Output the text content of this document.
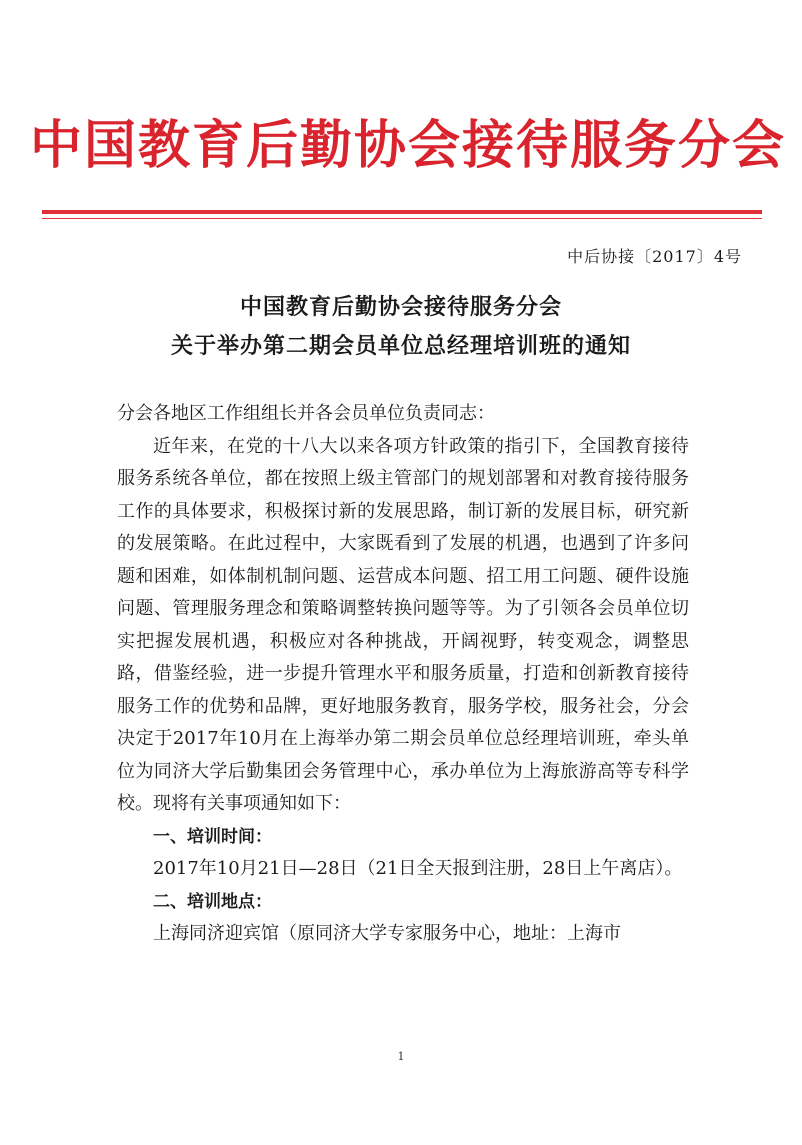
中国教育后勤协会接待服务分会
中后协接〔2017〕4号
中国教育后勤协会接待服务分会
关于举办第二期会员单位总经理培训班的通知

分会各地区工作组组长并各会员单位负责同志：

近年来，在党的十八大以来各项方针政策的指引下，全国教育接待服务系统各单位，都在按照上级主管部门的规划部署和对教育接待服务工作的具体要求，积极探讨新的发展思路，制订新的发展目标，研究新的发展策略。在此过程中，大家既看到了发展的机遇，也遇到了许多问题和困难，如体制机制问题、运营成本问题、招工用工问题、硬件设施问题、管理服务理念和策略调整转换问题等等。为了引领各会员单位切实把握发展机遇，积极应对各种挑战，开阔视野，转变观念，调整思路，借鉴经验，进一步提升管理水平和服务质量，打造和创新教育接待服务工作的优势和品牌，更好地服务教育，服务学校，服务社会，分会决定于2017年10月在上海举办第二期会员单位总经理培训班，牵头单位为同济大学后勤集团会务管理中心，承办单位为上海旅游高等专科学校。现将有关事项通知如下：

一、培训时间：

2017年10月21日—28日（21日全天报到注册，28日上午离店）。

二、培训地点：

上海同济迎宾馆（原同济大学专家服务中心，地址：上海市

1
